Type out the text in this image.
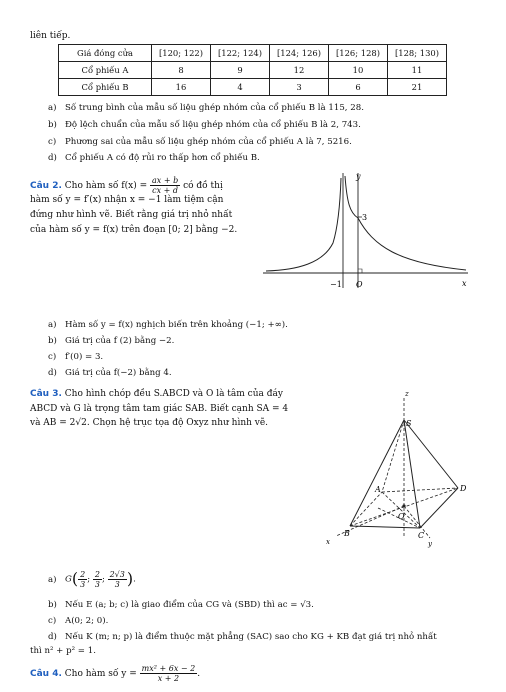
liên tiếp.
Giá đóng cửa	[120; 122)	[122; 124)	[124; 126)	[126; 128)	[128; 130)
Cổ phiếu A	8	9	12	10	11
Cổ phiếu B	16	4	3	6	21
a) Số trung bình của mẫu số liệu ghép nhóm của cổ phiếu B là 115, 28.
b) Độ lệch chuẩn của mẫu số liệu ghép nhóm của cổ phiếu B là 2, 743.
c) Phương sai của mẫu số liệu ghép nhóm của cổ phiếu A là 7, 5216.
d) Cổ phiếu A có độ rủi ro thấp hơn cổ phiếu B.
Câu 2. Cho hàm số $f(x) = \frac{ax + b}{cx + d}$ có đồ thị
hàm số y = f′(x) nhận x = −1 làm tiệm cận
đứng như hình vẽ. Biết rằng giá trị nhỏ nhất
của hàm số y = f(x) trên đoạn [0; 2] bằng −2.
y
x
O
−1
3
a) Hàm số y = f(x) nghịch biến trên khoảng (−1; +∞).
b) Giá trị của f (2) bằng −2.
c) f′(0) = 3.
d) Giá trị của f(−2) bằng 4.
Câu 3. Cho hình chóp đều S.ABCD và O là tâm của đáy
ABCD và G là trọng tâm tam giác SAB. Biết cạnh SA = 4
và AB = 2√2. Chọn hệ trục tọa độ Oxyz như hình vẽ.
z
S
A	D
O
B	C
x	y
a) $G( \frac{2}{3}$ ; $\frac{2}{3}$ ; $\frac{2√3}{3}$ ).
b) Nếu E (a; b; c) là giao điểm của CG và (SBD) thì ac = √3.
c) A(0; 2; 0).
d) Nếu K (m; n; p) là điểm thuộc mặt phẳng (SAC) sao cho KG + KB đạt giá trị nhỏ nhất
thì n² + p² = 1.
Câu 4. Cho hàm số $y = \frac{\text{mx² + 6x − 2}}{x + 2}$ .
